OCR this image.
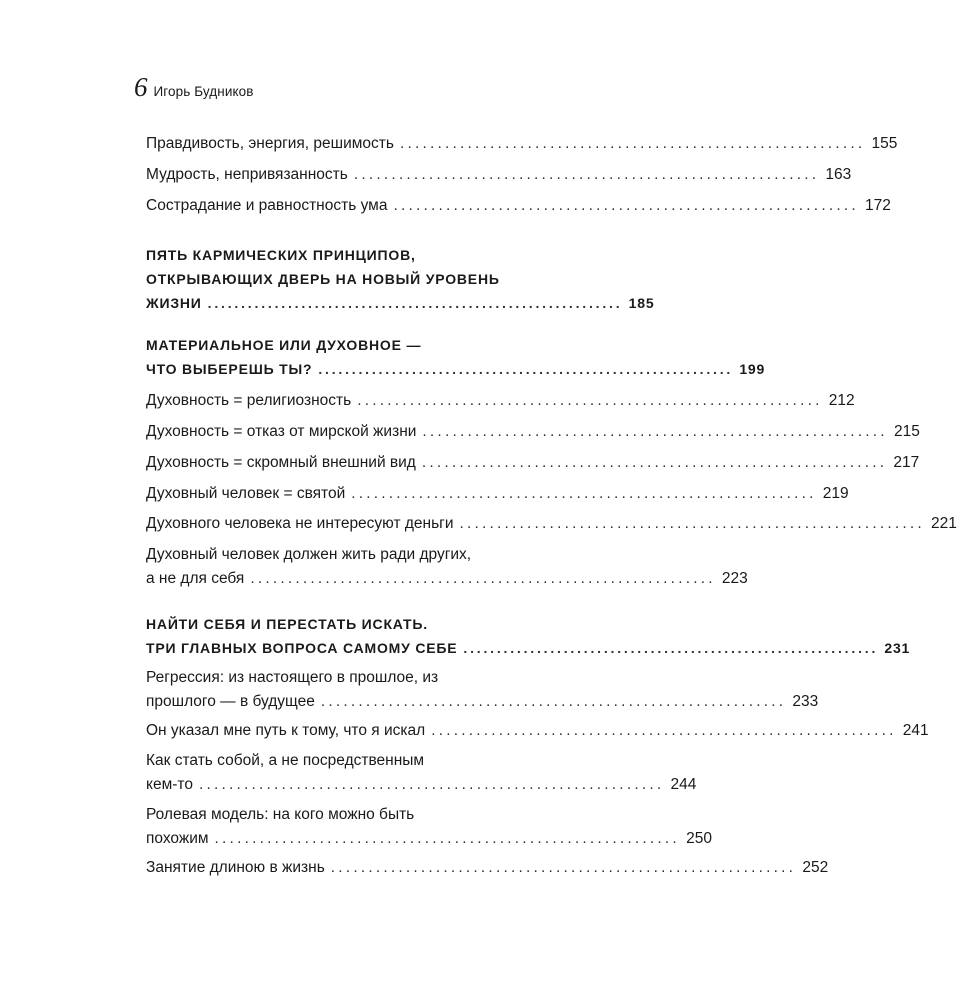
6 Игорь Будников
Правдивость, энергия, решимость .............................................................. 155
Мудрость, непривязанность .............................................................. 163
Сострадание и равностность ума .............................................................. 172
ПЯТЬ КАРМИЧЕСКИХ ПРИНЦИПОВ,
ОТКРЫВАЮЩИХ ДВЕРЬ НА НОВЫЙ УРОВЕНЬ
ЖИЗНИ .............................................................. 185
МАТЕРИАЛЬНОЕ ИЛИ ДУХОВНОЕ —
ЧТО ВЫБЕРЕШЬ ТЫ? .............................................................. 199
Духовность = религиозность .............................................................. 212
Духовность = отказ от мирской жизни .............................................................. 215
Духовность = скромный внешний вид .............................................................. 217
Духовный человек = святой .............................................................. 219
Духовного человека не интересуют деньги .............................................................. 221
Духовный человек должен жить ради других,
а не для себя .............................................................. 223
НАЙТИ СЕБЯ И ПЕРЕСТАТЬ ИСКАТЬ.
ТРИ ГЛАВНЫХ ВОПРОСА САМОМУ СЕБЕ .............................................................. 231
Регрессия: из настоящего в прошлое, из
прошлого — в будущее .............................................................. 233
Он указал мне путь к тому, что я искал .............................................................. 241
Как стать собой, а не посредственным
кем-то .............................................................. 244
Ролевая модель: на кого можно быть
похожим .............................................................. 250
Занятие длиною в жизнь .............................................................. 252
